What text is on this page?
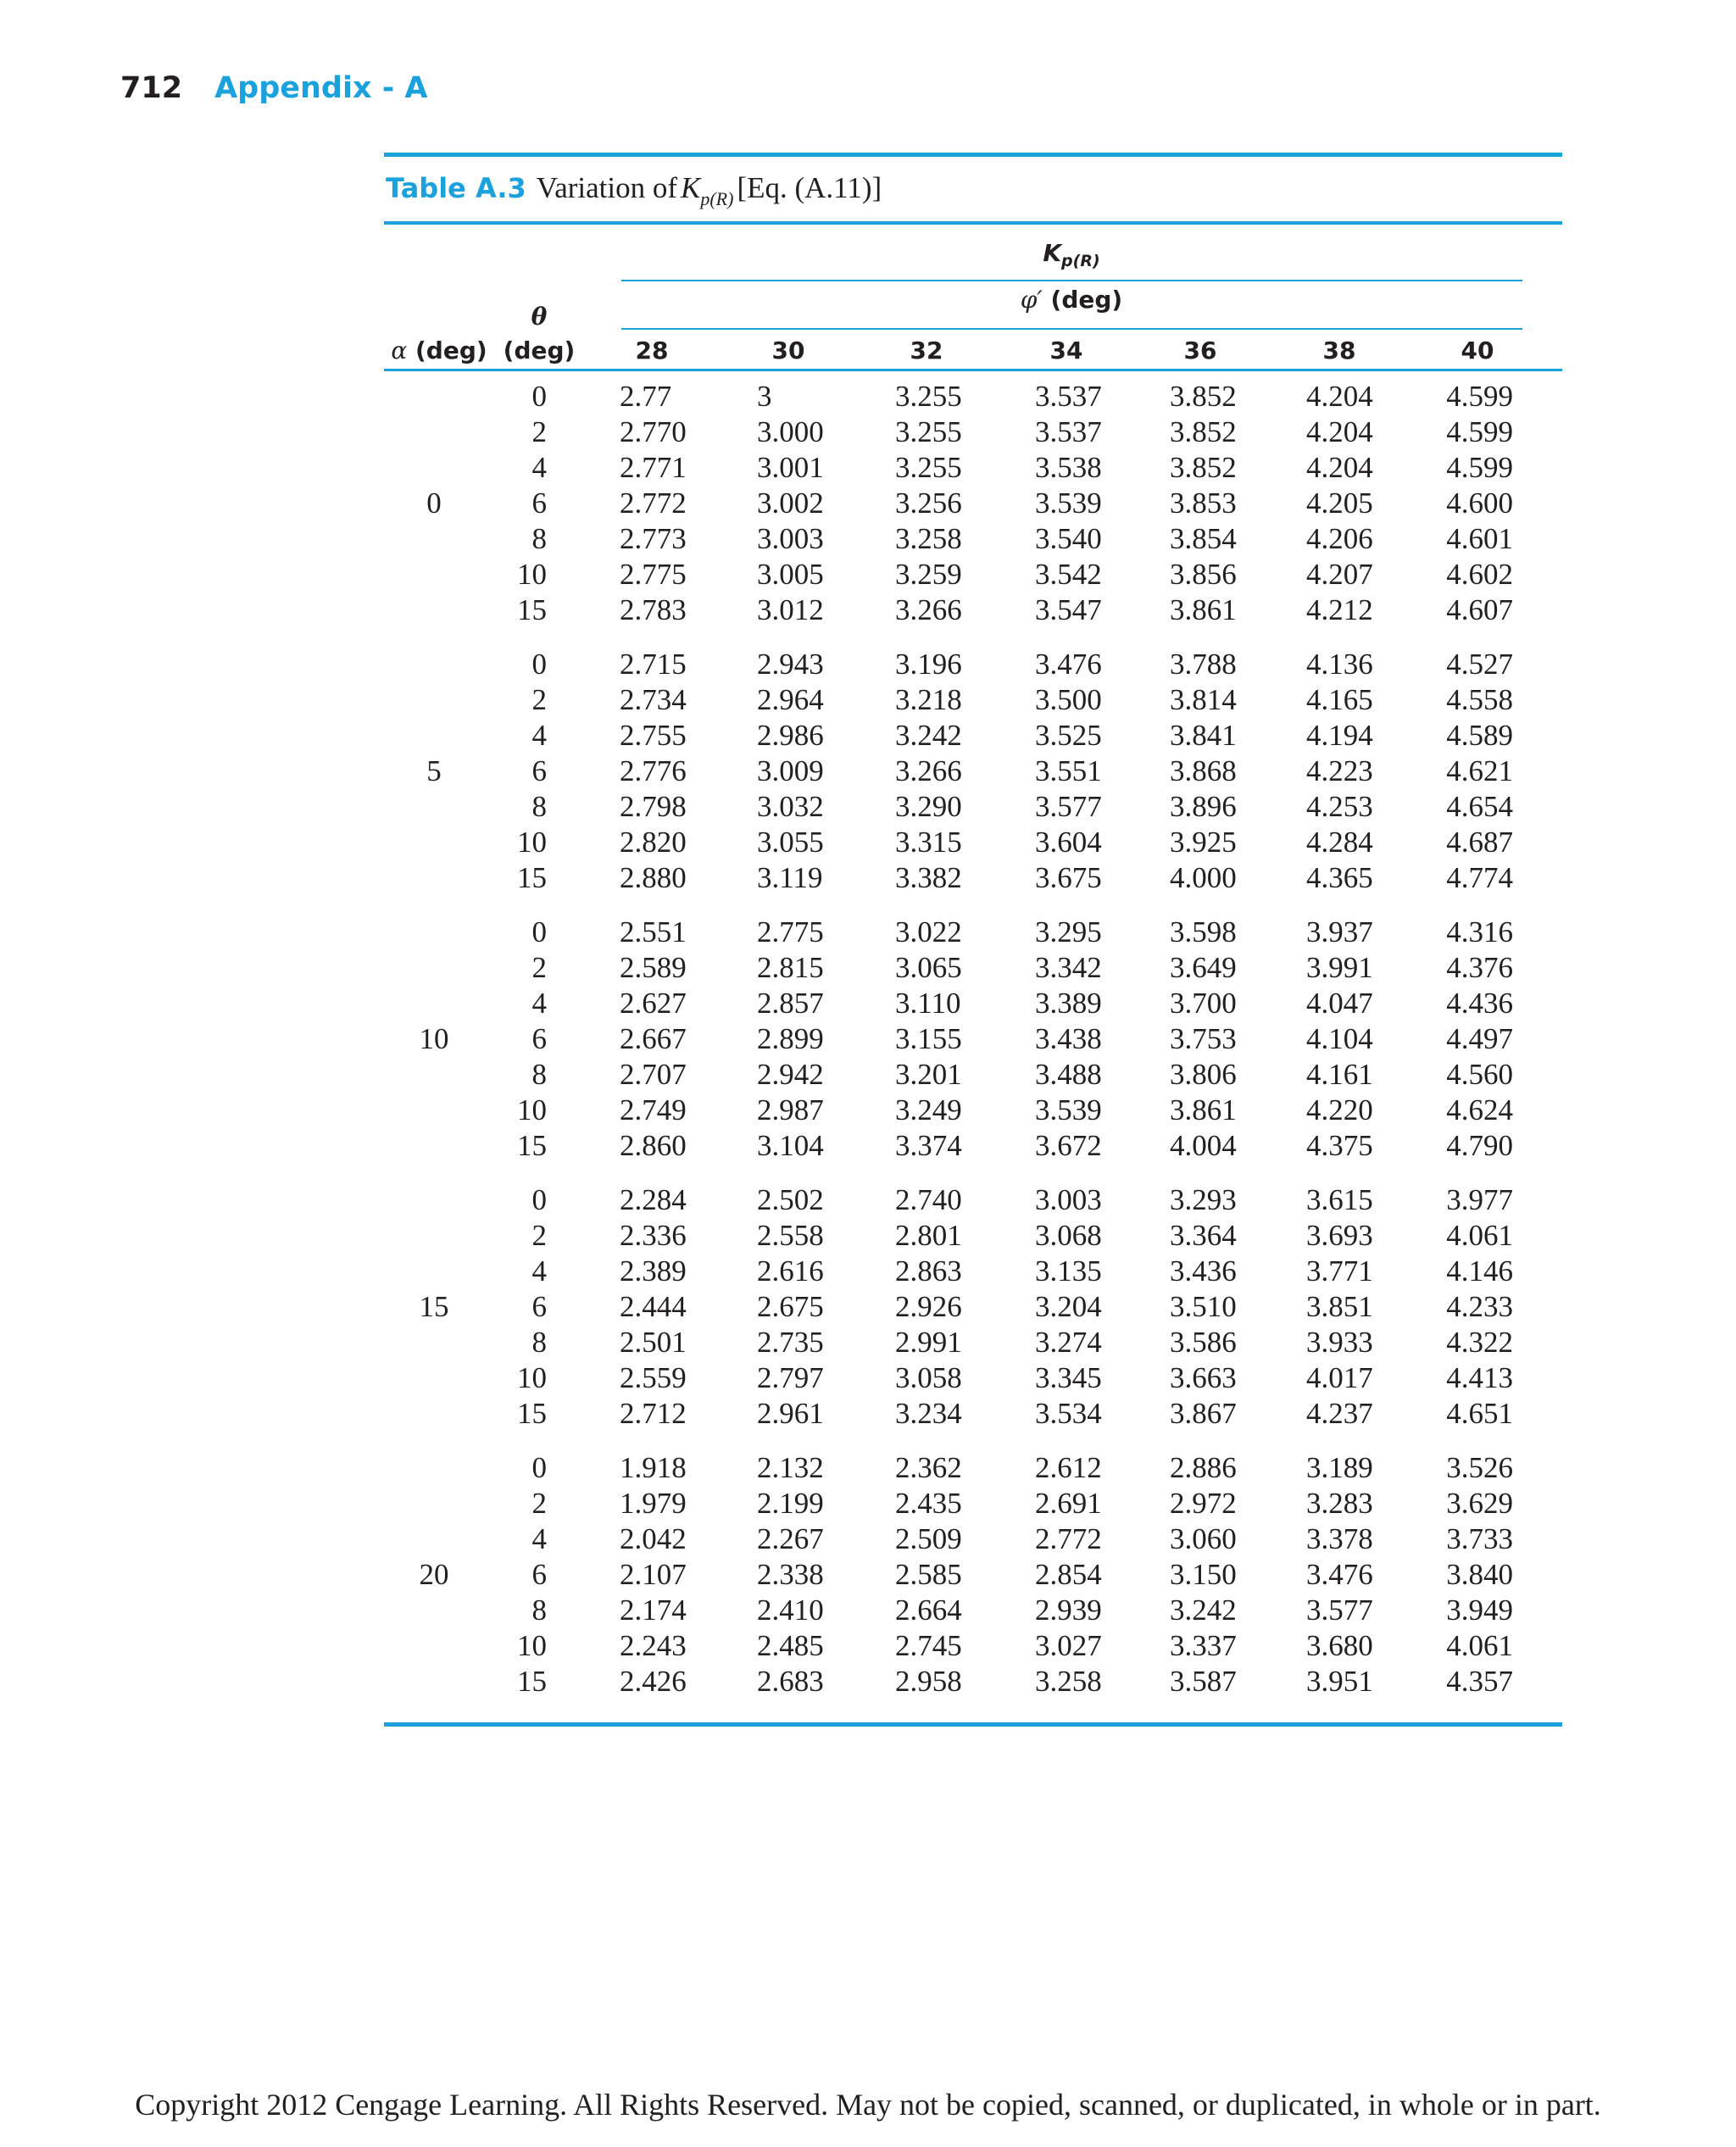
712 Appendix - A
Table A.3 Variation of Kp(R) [Eq. (A.11)]
$K_{p(R)}$
φ′ (deg)
θ
α (deg) (deg)	28	30	32	34	36	38	40
0
0 2.77	3	3.255 3.537 3.852 4.204	4.599
2 2.770 3.000 3.255 3.537 3.852 4.204	4.599
4 2.771 3.001 3.255 3.538 3.852 4.204	4.599
6 2.772 3.002 3.256 3.539 3.853 4.205	4.600
8 2.773 3.003 3.258 3.540 3.854 4.206	4.601
10 2.775 3.005 3.259 3.542 3.856 4.207	4.602
15 2.783 3.012 3.266 3.547 3.861 4.212	4.607
5
0 2.715 2.943 3.196 3.476 3.788 4.136	4.527
2 2.734 2.964 3.218 3.500 3.814 4.165	4.558
4 2.755 2.986 3.242 3.525 3.841 4.194	4.589
6 2.776 3.009 3.266 3.551 3.868 4.223	4.621
8 2.798 3.032 3.290 3.577 3.896 4.253	4.654
10 2.820 3.055 3.315 3.604 3.925 4.284	4.687
15 2.880 3.119 3.382 3.675 4.000 4.365	4.774
10
0 2.551 2.775 3.022 3.295 3.598 3.937	4.316
2 2.589 2.815 3.065 3.342 3.649 3.991	4.376
4 2.627 2.857 3.110	3.389 3.700 4.047	4.436
6 2.667 2.899 3.155 3.438 3.753 4.104	4.497
8 2.707 2.942 3.201 3.488 3.806 4.161	4.560
10 2.749 2.987 3.249 3.539 3.861 4.220	4.624
15 2.860 3.104 3.374 3.672 4.004 4.375	4.790
15
0 2.284 2.502 2.740 3.003 3.293 3.615	3.977
2 2.336 2.558 2.801 3.068 3.364 3.693	4.061
4 2.389 2.616 2.863 3.135 3.436 3.771	4.146
6 2.444 2.675 2.926 3.204 3.510 3.851	4.233
8 2.501 2.735 2.991 3.274 3.586 3.933	4.322
10 2.559 2.797 3.058 3.345 3.663 4.017	4.413
15 2.712 2.961 3.234 3.534 3.867 4.237	4.651
20
0 1.918 2.132 2.362 2.612 2.886 3.189	3.526
2 1.979 2.199 2.435 2.691 2.972 3.283	3.629
4 2.042 2.267 2.509 2.772 3.060 3.378	3.733
6 2.107 2.338 2.585 2.854 3.150 3.476	3.840
8 2.174 2.410 2.664 2.939 3.242 3.577	3.949
10 2.243 2.485 2.745 3.027 3.337 3.680	4.061
15 2.426 2.683 2.958 3.258 3.587 3.951	4.357
Copyright 2012 Cengage Learning. All Rights Reserved. May not be copied, scanned, or duplicated, in whole or in part.
